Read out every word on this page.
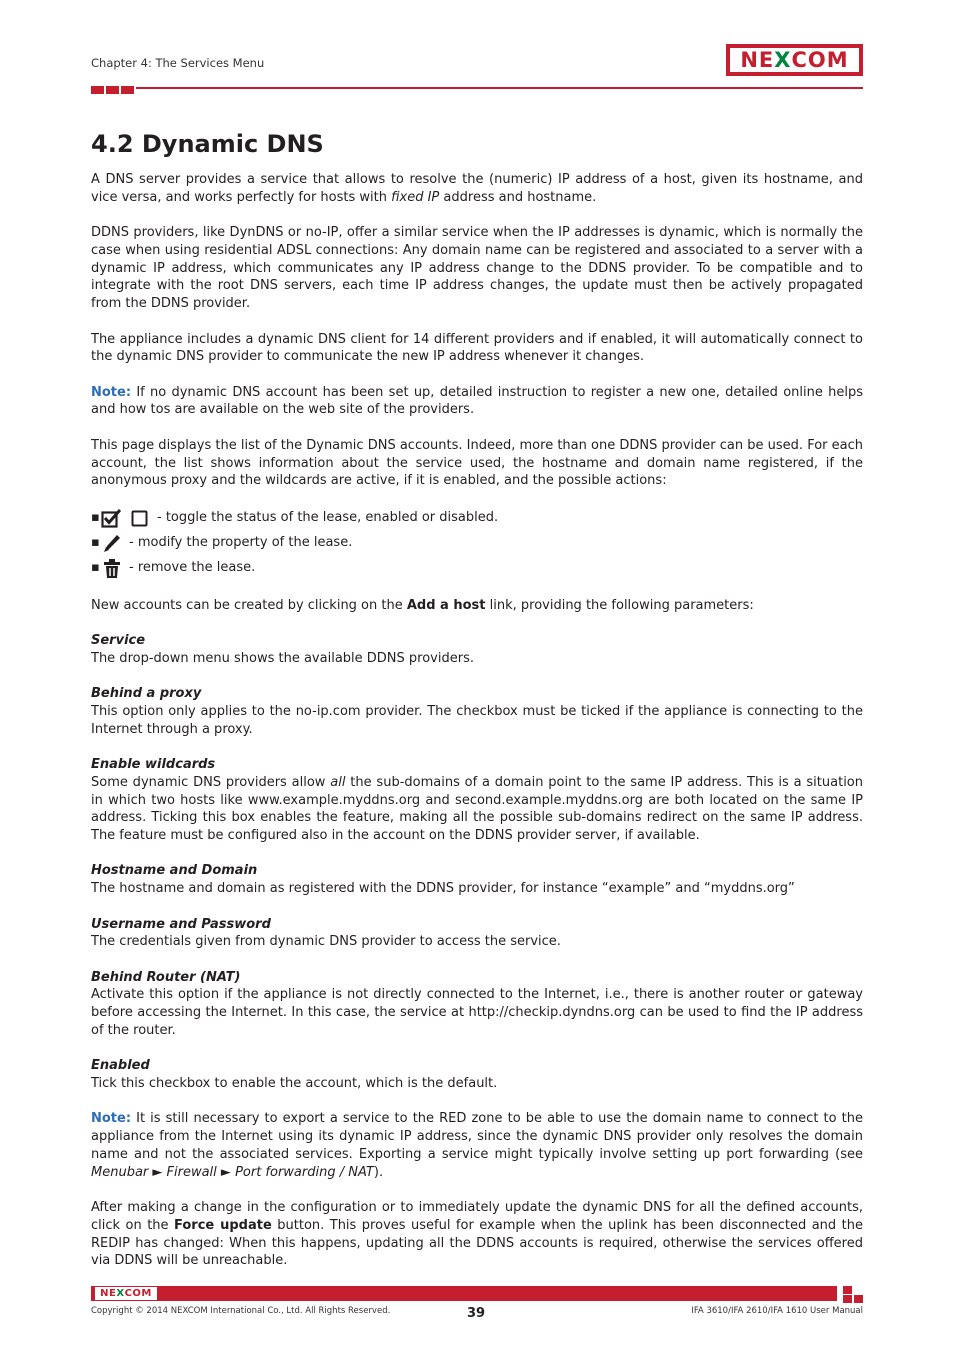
Chapter 4: The Services Menu	NE X COM
4.2 Dynamic DNS

A DNS server provides a service that allows to resolve the (numeric) IP address of a host, given its hostname, and vice versa, and works perfectly for hosts with fixed IP address and hostname.

DDNS providers, like DynDNS or no-IP, offer a similar service when the IP addresses is dynamic, which is normally the case when using residential ADSL connections: Any domain name can be registered and associated to a server with a dynamic IP address, which communicates any IP address change to the DDNS provider. To be compatible and to integrate with the root DNS servers, each time IP address changes, the update must then be actively propagated from the DDNS provider.

The appliance includes a dynamic DNS client for 14 different providers and if enabled, it will automatically connect to the dynamic DNS provider to communicate the new IP address whenever it changes.

Note: If no dynamic DNS account has been set up, detailed instruction to register a new one, detailed online helps and how tos are available on the web site of the providers.

This page displays the list of the Dynamic DNS accounts. Indeed, more than one DDNS provider can be used. For each account, the list shows information about the service used, the hostname and domain name registered, if the anonymous proxy and the wildcards are active, if it is enabled, and the possible actions:

▪	- toggle the status of the lease, enabled or disabled.
▪ - modify the property of the lease.
▪ - remove the lease.

New accounts can be created by clicking on the Add a host link, providing the following parameters:

Service
The drop-down menu shows the available DDNS providers.
Behind a proxy
This option only applies to the no-ip.com provider. The checkbox must be ticked if the appliance is connecting to the Internet through a proxy.
Enable wildcards
Some dynamic DNS providers allow all the sub-domains of a domain point to the same IP address. This is a situation in which two hosts like www.example.myddns.org and second.example.myddns.org are both located on the same IP address. Ticking this box enables the feature, making all the possible sub-domains redirect on the same IP address. The feature must be configured also in the account on the DDNS provider server, if available.
Hostname and Domain
The hostname and domain as registered with the DDNS provider, for instance “example” and “myddns.org”
Username and Password
The credentials given from dynamic DNS provider to access the service.
Behind Router (NAT)
Activate this option if the appliance is not directly connected to the Internet, i.e., there is another router or gateway before accessing the Internet. In this case, the service at http://checkip.dyndns.org can be used to find the IP address of the router.
Enabled
Tick this checkbox to enable the account, which is the default.

Note: It is still necessary to export a service to the RED zone to be able to use the domain name to connect to the appliance from the Internet using its dynamic IP address, since the dynamic DNS provider only resolves the domain name and not the associated services. Exporting a service might typically involve setting up port forwarding (see Menubar ► Firewall ► Port forwarding / NAT).

After making a change in the configuration or to immediately update the dynamic DNS for all the defined accounts, click on the Force update button. This proves useful for example when the uplink has been disconnected and the REDIP has changed: When this happens, updating all the DDNS accounts is required, otherwise the services offered via DDNS will be unreachable.

NE X COM
Copyright © 2014 NEXCOM International Co., Ltd. All Rights Reserved.	39	IFA 3610/IFA 2610/IFA 1610 User Manual
